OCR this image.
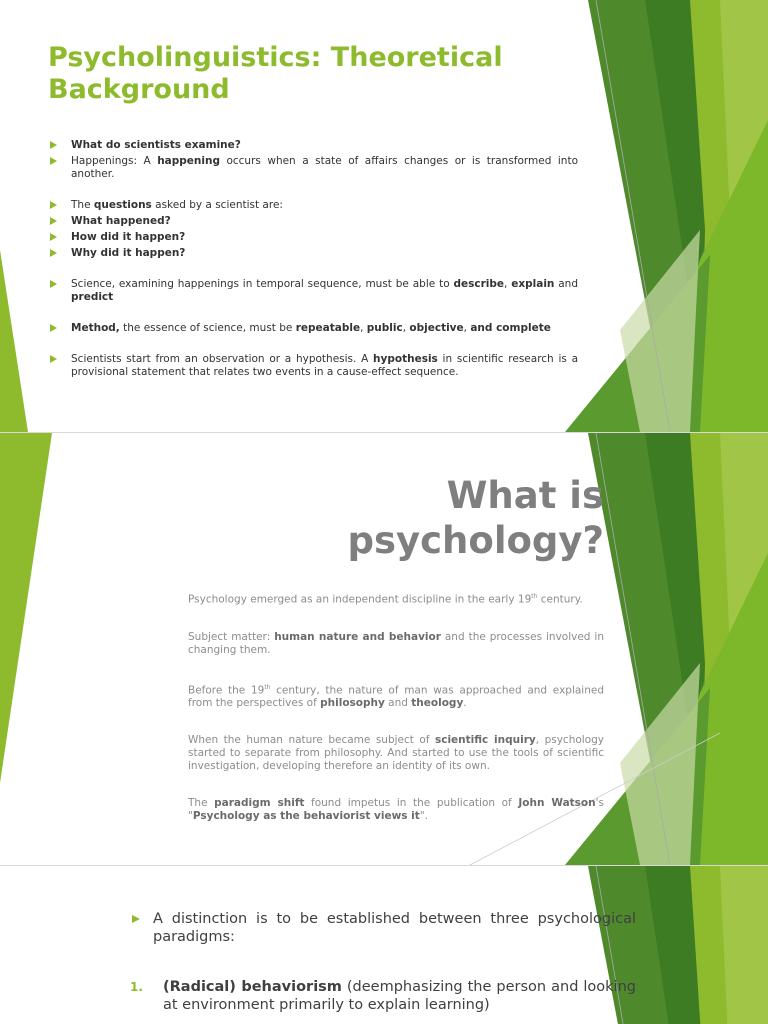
Psycholinguistics: Theoretical Background
What do scientists examine?
Happenings: A happening occurs when a state of affairs changes or is transformed into another.
The questions asked by a scientist are:
What happened?
How did it happen?
Why did it happen?
Science, examining happenings in temporal sequence, must be able to describe, explain and predict
Method, the essence of science, must be repeatable, public, objective, and complete
Scientists start from an observation or a hypothesis. A hypothesis in scientific research is a provisional statement that relates two events in a cause-effect sequence.
What is
psychology?

Psychology emerged as an independent discipline in the early 19th century.

Subject matter: human nature and behavior and the processes involved in changing them.

Before the 19th century, the nature of man was approached and explained from the perspectives of philosophy and theology.

When the human nature became subject of scientific inquiry, psychology started to separate from philosophy. And started to use the tools of scientific investigation, developing therefore an identity of its own.

The paradigm shift found impetus in the publication of John Watson's "Psychology as the behaviorist views it".

A distinction is to be established between three psychological paradigms:
1. (Radical) behaviorism (deemphasizing the person and looking at environment primarily to explain learning)
